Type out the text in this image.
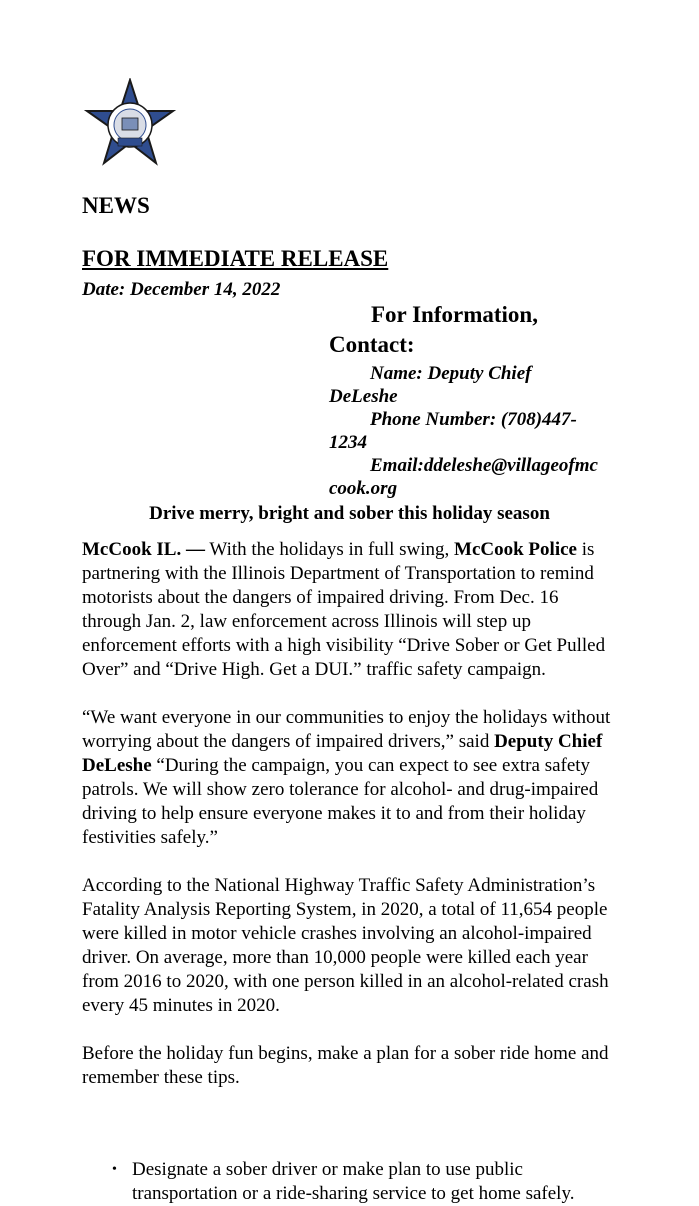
NEWS
FOR IMMEDIATE RELEASE
Date: December 14, 2022
For Information,
Contact:
Name: Deputy Chief
DeLeshe
Phone Number: (708)447-
1234
Email:ddeleshe@villageofmc
cook.org
Drive merry, bright and sober this holiday season

McCook IL. — With the holidays in full swing, McCook Police is partnering with the Illinois Department of Transportation to remind motorists about the dangers of impaired driving. From Dec. 16 through Jan. 2, law enforcement across Illinois will step up enforcement efforts with a high visibility “Drive Sober or Get Pulled Over” and “Drive High. Get a DUI.” traffic safety campaign.

“We want everyone in our communities to enjoy the holidays without worrying about the dangers of impaired drivers,” said Deputy Chief DeLeshe “During the campaign, you can expect to see extra safety patrols. We will show zero tolerance for alcohol- and drug-impaired driving to help ensure everyone makes it to and from their holiday festivities safely.”

According to the National Highway Traffic Safety Administration’s Fatality Analysis Reporting System, in 2020, a total of 11,654 people were killed in motor vehicle crashes involving an alcohol-impaired driver. On average, more than 10,000 people were killed each year from 2016 to 2020, with one person killed in an alcohol-related crash every 45 minutes in 2020.

Before the holiday fun begins, make a plan for a sober ride home and remember these tips.

• Designate a sober driver or make plan to use public transportation or a ride-sharing service to get home safely.
